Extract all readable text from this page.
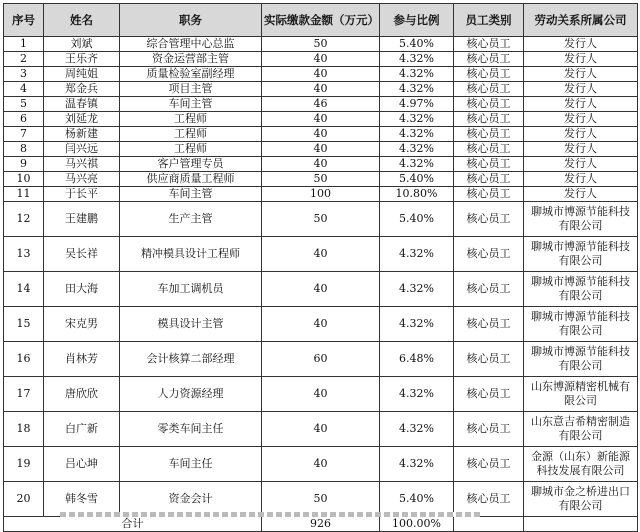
序号	姓名	职务	实际缴款金额（万元）	参与比例	员工类别	劳动关系所属公司
1	刘斌	综合管理中心总监	50	5.40%	核心员工	发行人
2	王乐齐	资金运营部主管	40	4.32%	核心员工	发行人
3	周纯姐	质量检验室副经理	40	4.32%	核心员工	发行人
4	郑金兵	项目主管	40	4.32%	核心员工	发行人
5	温春镇	车间主管	46	4.97%	核心员工	发行人
6	刘延龙	工程师	40	4.32%	核心员工	发行人
7	杨新建	工程师	40	4.32%	核心员工	发行人
8	闫兴远	工程师	40	4.32%	核心员工	发行人
9	马兴祺	客户管理专员	40	4.32%	核心员工	发行人
10	马兴亮	供应商质量工程师	50	5.40%	核心员工	发行人
11	于长平	车间主管	100	10.80%	核心员工	发行人
12	王建鹏	生产主管	50	5.40%	核心员工	聊城市博源节能科技有限公司
13	吴长祥	精冲模具设计工程师	40	4.32%	核心员工	聊城市博源节能科技有限公司
14	田大海	车加工调机员	40	4.32%	核心员工	聊城市博源节能科技有限公司
15	宋克男	模具设计主管	40	4.32%	核心员工	聊城市博源节能科技有限公司
16	肖林芳	会计核算二部经理	60	6.48%	核心员工	聊城市博源节能科技有限公司
17	唐欣欣	人力资源经理	40	4.32%	核心员工	山东博源精密机械有限公司
18	白广新	零类车间主任	40	4.32%	核心员工	山东意吉希精密制造有限公司
19	吕心坤	车间主任	40	4.32%	核心员工	金源（山东）新能源科技发展有限公司
20	韩冬雪	资金会计	50	5.40%	核心员工	聊城市金之桥进出口有限公司
合计			926	100.00%		
